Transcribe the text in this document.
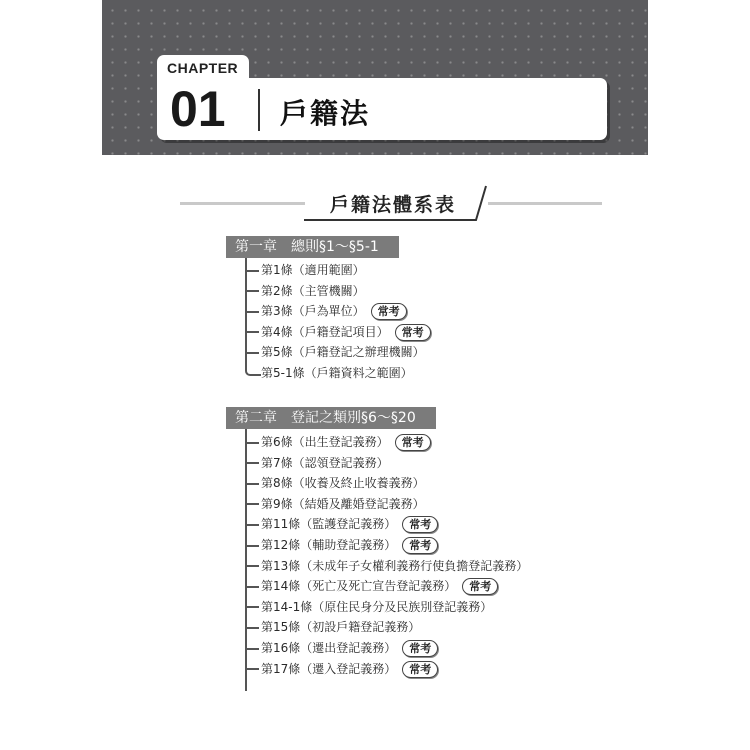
CHAPTER
01 戶籍法
戶籍法體系表
第一章　總則§1～§5-1
第1條（適用範圍）
第2條（主管機關）
第3條（戶為單位） 常考
第4條（戶籍登記項目） 常考
第5條（戶籍登記之辦理機關）
第5-1條（戶籍資料之範圍）
第二章　登記之類別§6～§20
第6條（出生登記義務） 常考
第7條（認領登記義務）
第8條（收養及終止收養義務）
第9條（結婚及離婚登記義務）
第11條（監護登記義務） 常考
第12條（輔助登記義務） 常考
第13條（未成年子女權利義務行使負擔登記義務）
第14條（死亡及死亡宣告登記義務） 常考
第14-1條（原住民身分及民族別登記義務）
第15條（初設戶籍登記義務）
第16條（遷出登記義務） 常考
第17條（遷入登記義務） 常考
